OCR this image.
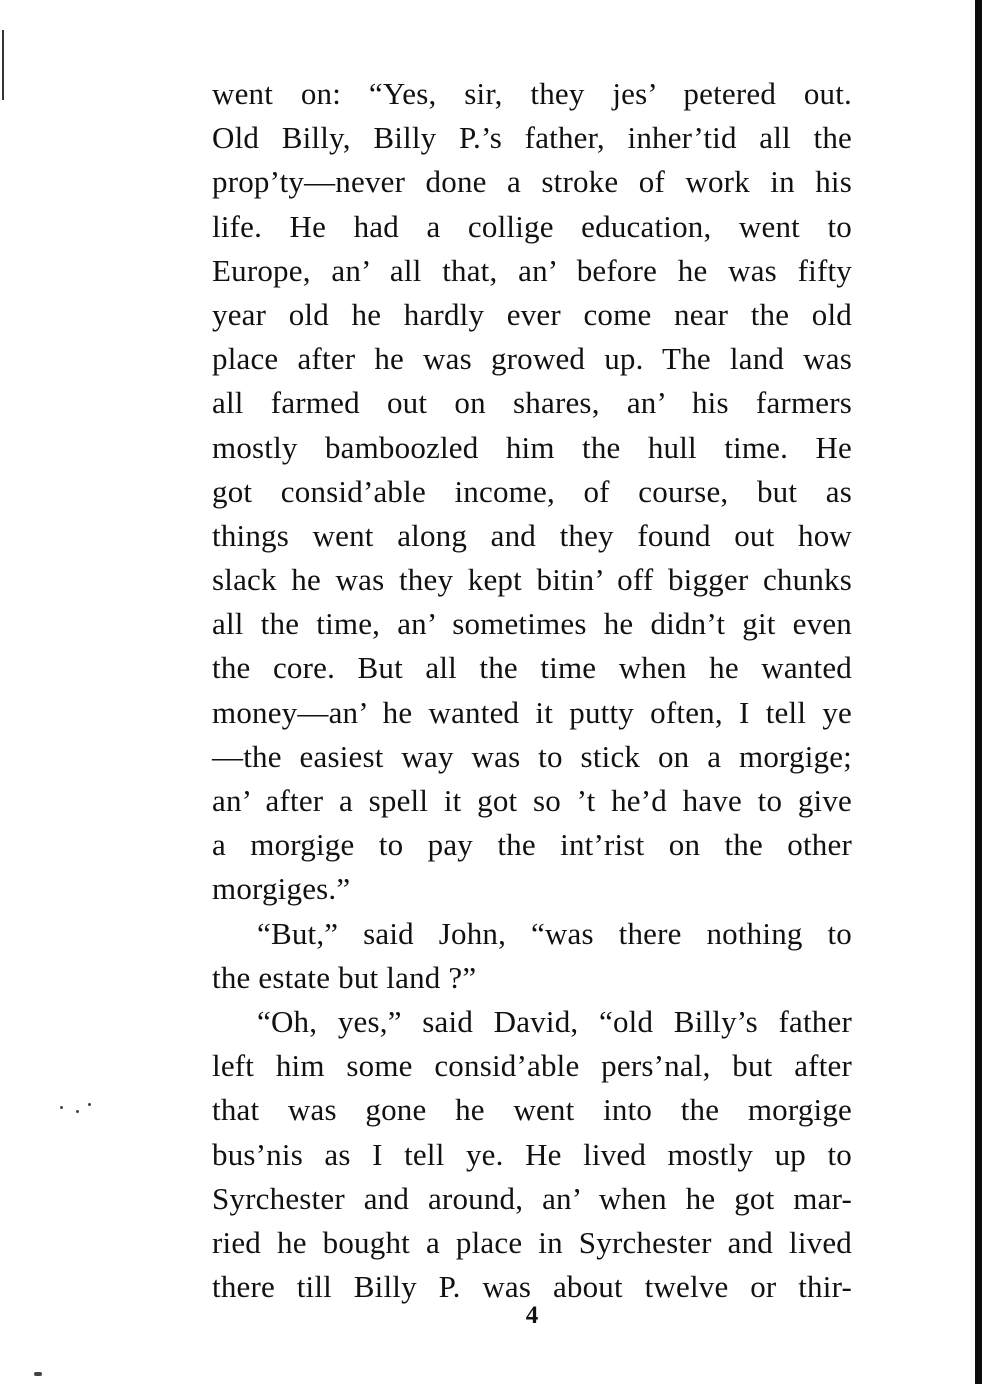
went on: “Yes, sir, they jes’ petered out.
Old Billy, Billy P.’s father, inher’tid all the
prop’ty—never done a stroke of work in his
life. He had a collige education, went to
Europe, an’ all that, an’ before he was fifty
year old he hardly ever come near the old
place after he was growed up. The land was
all farmed out on shares, an’ his farmers
mostly bamboozled him the hull time. He
got consid’able income, of course, but as
things went along and they found out how
slack he was they kept bitin’ off bigger chunks
all the time, an’ sometimes he didn’t git even
the core. But all the time when he wanted
money—an’ he wanted it putty often, I tell ye
—the easiest way was to stick on a morgige;
an’ after a spell it got so ’t he’d have to give
a morgige to pay the int’rist on the other
morgiges.”
“But,” said John, “was there nothing to
the estate but land ?”
“Oh, yes,” said David, “old Billy’s father
left him some consid’able pers’nal, but after
that was gone he went into the morgige
bus’nis as I tell ye. He lived mostly up to
Syrchester and around, an’ when he got mar-
ried he bought a place in Syrchester and lived
there till Billy P. was about twelve or thir-
4
